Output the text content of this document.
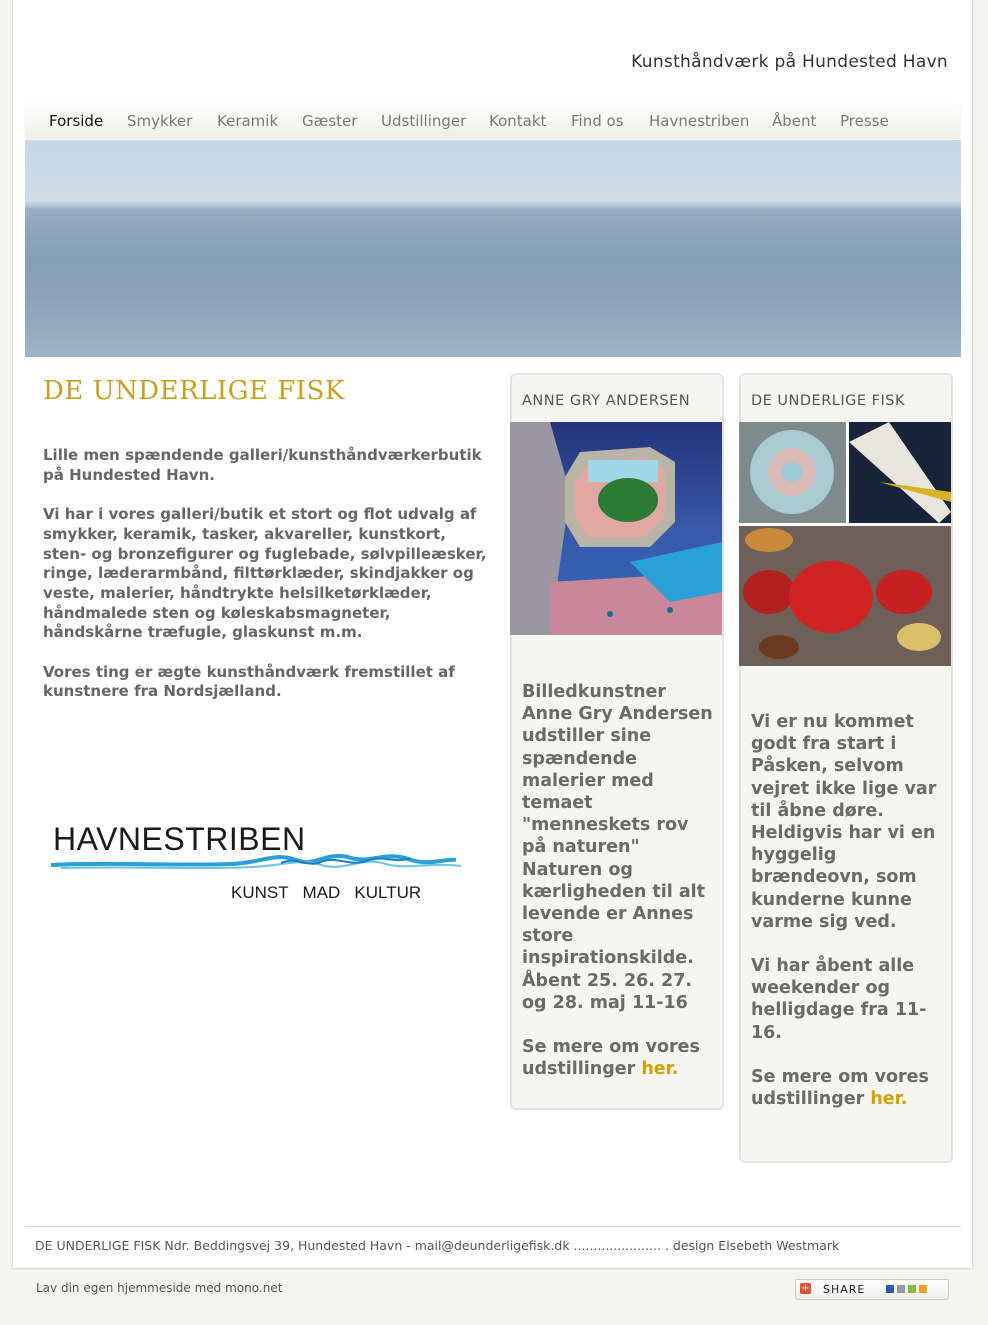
Kunsthåndværk på Hundested Havn
Forside Smykker Keramik Gæster Udstillinger Kontakt Find os Havnestriben Åbent Presse
DE UNDERLIGE FISK

Lille men spændende galleri/kunsthåndværkerbutik på Hundested Havn.

Vi har i vores galleri/butik et stort og flot udvalg af smykker, keramik, tasker, akvareller, kunstkort, sten- og bronzefigurer og fuglebade, sølvpilleæsker, ringe, læderarmbånd, filttørklæder, skindjakker og veste, malerier, håndtrykte helsilketørklæder, håndmalede sten og køleskabsmagneter, håndskårne træfugle, glaskunst m.m.

Vores ting er ægte kunsthåndværk fremstillet af kunstnere fra Nordsjælland.

HAVNESTRIBEN
KUNST   MAD   KULTUR
ANNE GRY ANDERSEN

Billedkunstner Anne Gry Andersen udstiller sine spændende malerier med temaet "menneskets rov på naturen" Naturen og kærligheden til alt levende er Annes store inspirationskilde. Åbent 25. 26. 27. og 28. maj 11-16

Se mere om vores udstillinger her.

DE UNDERLIGE FISK

Vi er nu kommet godt fra start i Påsken, selvom vejret ikke lige var til åbne døre. Heldigvis har vi en hyggelig brændeovn, som kunderne kunne varme sig ved.

Vi har åbent alle weekender og helligdage fra 11-16.

Se mere om vores udstillinger her.

DE UNDERLIGE FISK Ndr. Beddingsvej 39, Hundested Havn - mail@deunderligefisk.dk ...................... . design Elsebeth Westmark
Lav din egen hjemmeside med mono.net	+ SHARE
